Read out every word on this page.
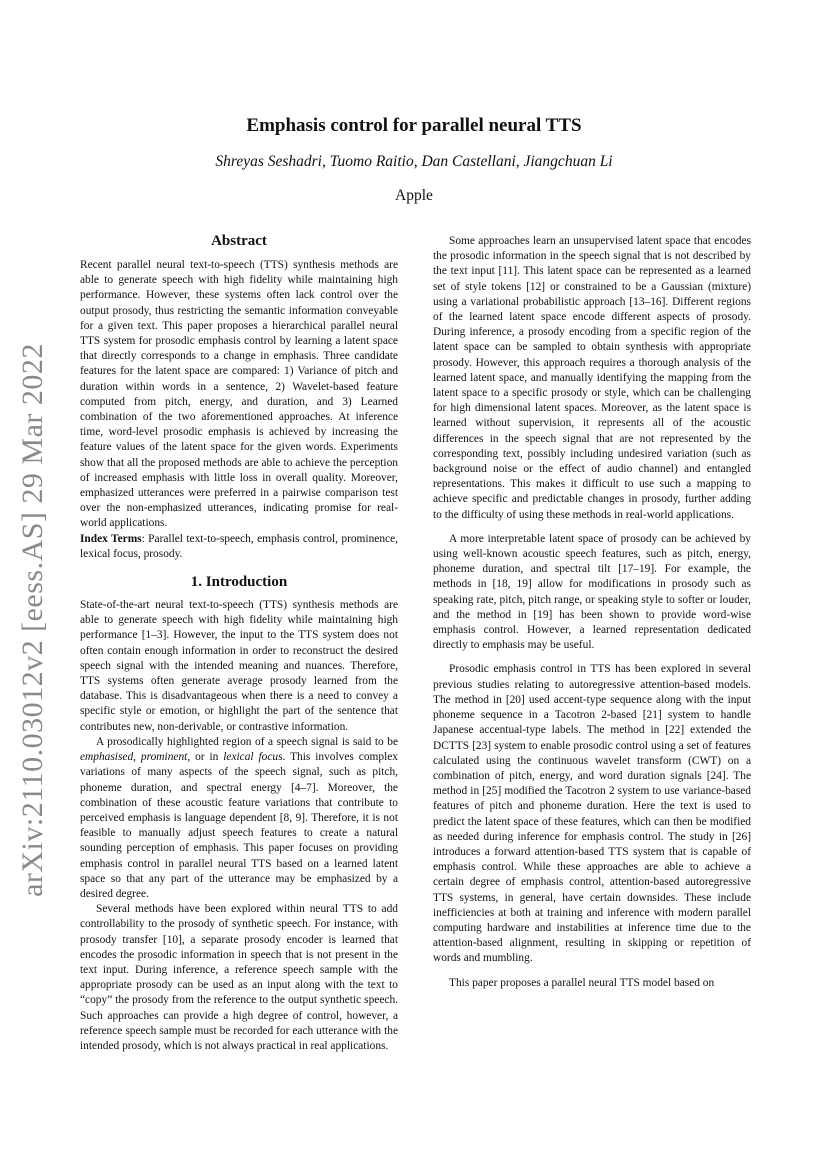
arXiv:2110.03012v2 [eess.AS] 29 Mar 2022
Emphasis control for parallel neural TTS
Shreyas Seshadri, Tuomo Raitio, Dan Castellani, Jiangchuan Li
Apple
Abstract

Recent parallel neural text-to-speech (TTS) synthesis methods are able to generate speech with high fidelity while maintaining high performance. However, these systems often lack control over the output prosody, thus restricting the semantic information conveyable for a given text. This paper proposes a hierarchical parallel neural TTS system for prosodic emphasis control by learning a latent space that directly corresponds to a change in emphasis. Three candidate features for the latent space are compared: 1) Variance of pitch and duration within words in a sentence, 2) Wavelet-based feature computed from pitch, energy, and duration, and 3) Learned combination of the two aforementioned approaches. At inference time, word-level prosodic emphasis is achieved by increasing the feature values of the latent space for the given words. Experiments show that all the proposed methods are able to achieve the perception of increased emphasis with little loss in overall quality. Moreover, emphasized utterances were preferred in a pairwise comparison test over the non-emphasized utterances, indicating promise for real-world applications.

Index Terms: Parallel text-to-speech, emphasis control, prominence, lexical focus, prosody.

1. Introduction

State-of-the-art neural text-to-speech (TTS) synthesis methods are able to generate speech with high fidelity while maintaining high performance [1–3]. However, the input to the TTS system does not often contain enough information in order to reconstruct the desired speech signal with the intended meaning and nuances. Therefore, TTS systems often generate average prosody learned from the database. This is disadvantageous when there is a need to convey a specific style or emotion, or highlight the part of the sentence that contributes new, non-derivable, or contrastive information.

A prosodically highlighted region of a speech signal is said to be emphasised, prominent, or in lexical focus. This involves complex variations of many aspects of the speech signal, such as pitch, phoneme duration, and spectral energy [4–7]. Moreover, the combination of these acoustic feature variations that contribute to perceived emphasis is language dependent [8, 9]. Therefore, it is not feasible to manually adjust speech features to create a natural sounding perception of emphasis. This paper focuses on providing emphasis control in parallel neural TTS based on a learned latent space so that any part of the utterance may be emphasized by a desired degree.

Several methods have been explored within neural TTS to add controllability to the prosody of synthetic speech. For instance, with prosody transfer [10], a separate prosody encoder is learned that encodes the prosodic information in speech that is not present in the text input. During inference, a reference speech sample with the appropriate prosody can be used as an input along with the text to “copy” the prosody from the reference to the output synthetic speech. Such approaches can provide a high degree of control, however, a reference speech sample must be recorded for each utterance with the intended prosody, which is not always practical in real applications.

Some approaches learn an unsupervised latent space that encodes the prosodic information in the speech signal that is not described by the text input [11]. This latent space can be represented as a learned set of style tokens [12] or constrained to be a Gaussian (mixture) using a variational probabilistic approach [13–16]. Different regions of the learned latent space encode different aspects of prosody. During inference, a prosody encoding from a specific region of the latent space can be sampled to obtain synthesis with appropriate prosody. However, this approach requires a thorough analysis of the learned latent space, and manually identifying the mapping from the latent space to a specific prosody or style, which can be challenging for high dimensional latent spaces. Moreover, as the latent space is learned without supervision, it represents all of the acoustic differences in the speech signal that are not represented by the corresponding text, possibly including undesired variation (such as background noise or the effect of audio channel) and entangled representations. This makes it difficult to use such a mapping to achieve specific and predictable changes in prosody, further adding to the difficulty of using these methods in real-world applications.

A more interpretable latent space of prosody can be achieved by using well-known acoustic speech features, such as pitch, energy, phoneme duration, and spectral tilt [17–19]. For example, the methods in [18, 19] allow for modifications in prosody such as speaking rate, pitch, pitch range, or speaking style to softer or louder, and the method in [19] has been shown to provide word-wise emphasis control. However, a learned representation dedicated directly to emphasis may be useful.

Prosodic emphasis control in TTS has been explored in several previous studies relating to autoregressive attention-based models. The method in [20] used accent-type sequence along with the input phoneme sequence in a Tacotron 2-based [21] system to handle Japanese accentual-type labels. The method in [22] extended the DCTTS [23] system to enable prosodic control using a set of features calculated using the continuous wavelet transform (CWT) on a combination of pitch, energy, and word duration signals [24]. The method in [25] modified the Tacotron 2 system to use variance-based features of pitch and phoneme duration. Here the text is used to predict the latent space of these features, which can then be modified as needed during inference for emphasis control. The study in [26] introduces a forward attention-based TTS system that is capable of emphasis control. While these approaches are able to achieve a certain degree of emphasis control, attention-based autoregressive TTS systems, in general, have certain downsides. These include inefficiencies at both at training and inference with modern parallel computing hardware and instabilities at inference time due to the attention-based alignment, resulting in skipping or repetition of words and mumbling.

This paper proposes a parallel neural TTS model based on
